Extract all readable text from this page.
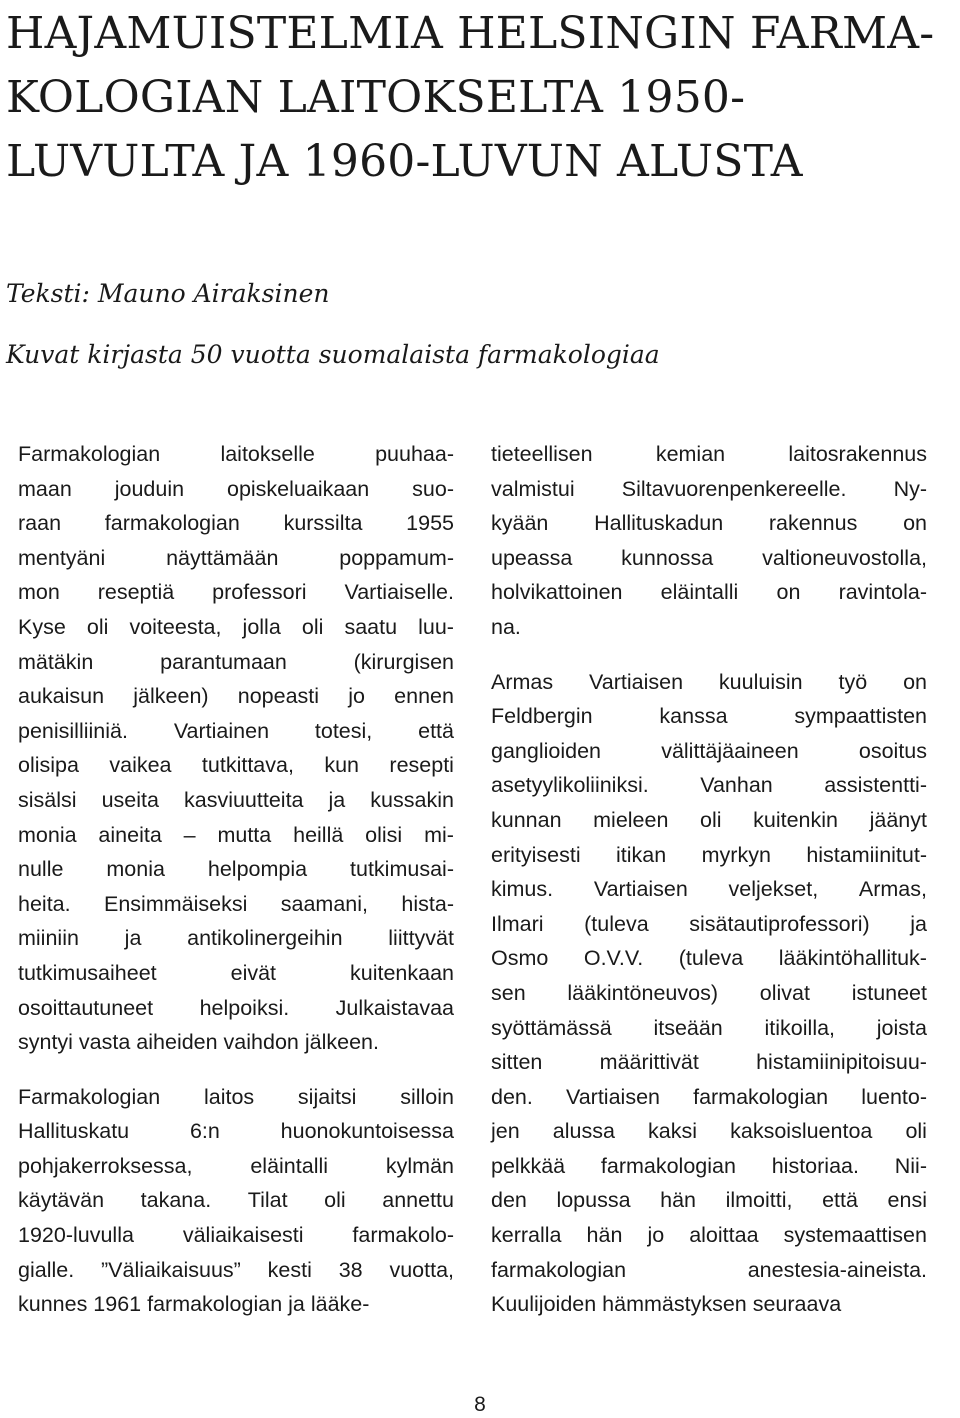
HAJAMUISTELMIA HELSINGIN FARMA-
KOLOGIAN LAITOKSELTA 1950-
LUVULTA JA 1960-LUVUN ALUSTA

Teksti: Mauno Airaksinen

Kuvat kirjasta 50 vuotta suomalaista farmakologiaa

Farmakologian	laitokselle	puuhaa-
maan jouduin opiskeluaikaan suo-
raan farmakologian kurssilta 1955
mentyäni	näyttämään	poppamum-
mon reseptiä professori Vartiaiselle.
Kyse oli voiteesta, jolla oli saatu luu-
mätäkin	parantumaan	(kirurgisen
aukaisun jälkeen) nopeasti jo ennen
penisilliiniä. Vartiainen totesi, että
olisipa vaikea tutkittava, kun resepti
sisälsi useita kasviuutteita ja kussakin
monia aineita – mutta heillä olisi mi-
nulle monia helpompia tutkimusai-
heita. Ensimmäiseksi saamani, hista-
miiniin ja antikolinergeihin liittyvät
tutkimusaiheet	eivät	kuitenkaan
osoittautuneet helpoiksi. Julkaistavaa
syntyi vasta aiheiden vaihdon jälkeen.
Farmakologian laitos sijaitsi silloin
Hallituskatu	6:n	huonokuntoisessa
pohjakerroksessa,	eläintalli	kylmän
käytävän takana. Tilat oli annettu
1920-luvulla väliaikaisesti farmakolo-
gialle. ”Väliaikaisuus” kesti 38 vuotta,
kunnes 1961 farmakologian ja lääke-
tieteellisen	kemian	laitosrakennus
valmistui Siltavuorenpenkereelle. Ny-
kyään Hallituskadun rakennus on
upeassa kunnossa valtioneuvostolla,
holvikattoinen eläintalli on ravintola-
na.
Armas Vartiaisen kuuluisin työ on
Feldbergin	kanssa	sympaattisten
ganglioiden	välittäjäaineen	osoitus
asetyylikoliiniksi. Vanhan assistentti-
kunnan mieleen oli kuitenkin jäänyt
erityisesti itikan myrkyn histamiinitut-
kimus. Vartiaisen veljekset, Armas,
Ilmari (tuleva sisätautiprofessori) ja
Osmo O.V.V. (tuleva lääkintöhallituk-
sen lääkintöneuvos) olivat istuneet
syöttämässä itseään itikoilla, joista
sitten	määrittivät	histamiinipitoisuu-
den. Vartiaisen farmakologian luento-
jen alussa kaksi kaksoisluentoa oli
pelkkää farmakologian historiaa. Nii-
den lopussa hän ilmoitti, että ensi
kerralla hän jo aloittaa systemaattisen
farmakologian	anestesia-aineista.
Kuulijoiden hämmästyksen seuraava
8
